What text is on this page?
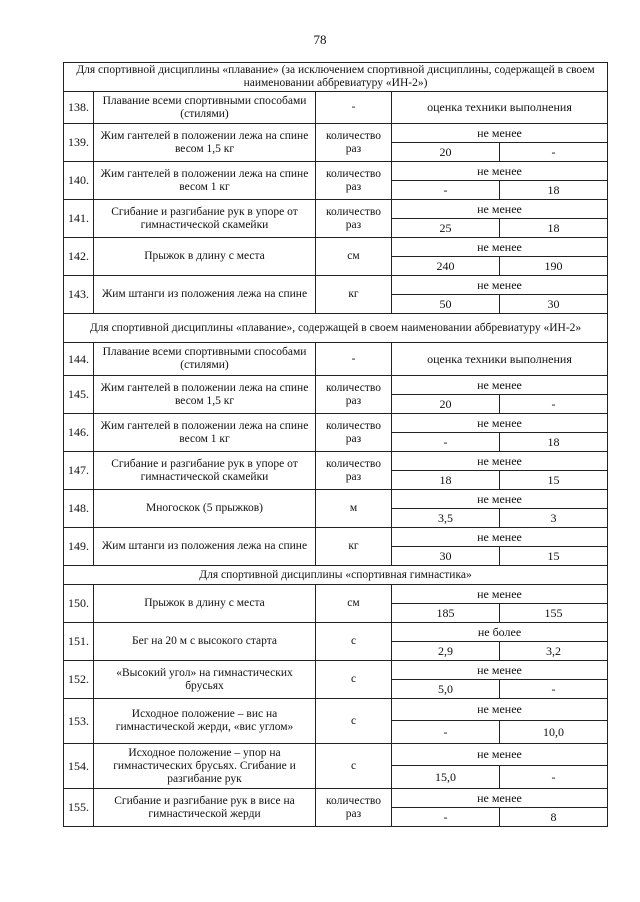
78
Для спортивной дисциплины «плавание» (за исключением спортивной дисциплины, содержащей в своем наименовании аббревиатуру «ИН-2»)				
138.	Плавание всеми спортивными способами (стилями)	-	оценка техники выполнения	
139.	Жим гантелей в положении лежа на спине весом 1,5 кг	количество раз	не менее	
			20	-
140.	Жим гантелей в положении лежа на спине весом 1 кг	количество раз	не менее	
			-	18
141.	Сгибание и разгибание рук в упоре от гимнастической скамейки	количество раз	не менее	
			25	18
142.	Прыжок в длину с места	см	не менее	
			240	190
143.	Жим штанги из положения лежа на спине	кг	не менее	
			50	30
Для спортивной дисциплины «плавание», содержащей в своем наименовании аббревиатуру «ИН-2»				
144.	Плавание всеми спортивными способами (стилями)	-	оценка техники выполнения	
145.	Жим гантелей в положении лежа на спине весом 1,5 кг	количество раз	не менее	
			20	-
146.	Жим гантелей в положении лежа на спине весом 1 кг	количество раз	не менее	
			-	18
147.	Сгибание и разгибание рук в упоре от гимнастической скамейки	количество раз	не менее	
			18	15
148.	Многоскок (5 прыжков)	м	не менее	
			3,5	3
149.	Жим штанги из положения лежа на спине	кг	не менее	
			30	15
Для спортивной дисциплины «спортивная гимнастика»				
150.	Прыжок в длину с места	см	не менее	
			185	155
151.	Бег на 20 м с высокого старта	с	не более	
			2,9	3,2
152.	«Высокий угол» на гимнастических брусьях	с	не менее	
			5,0	-
153.	Исходное положение – вис на гимнастической жерди, «вис углом»	с	не менее	
			-	10,0
154.	Исходное положение – упор на гимнастических брусьях. Сгибание и разгибание рук	с	не менее	
			15,0	-
155.	Сгибание и разгибание рук в висе на гимнастической жерди	количество раз	не менее	
			-	8
